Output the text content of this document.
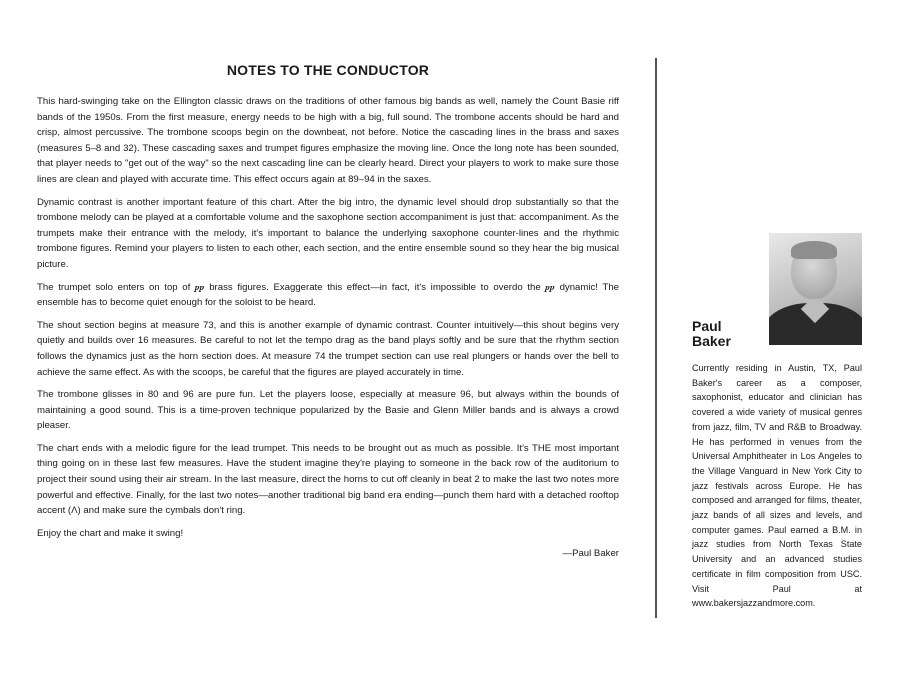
NOTES TO THE CONDUCTOR

This hard-swinging take on the Ellington classic draws on the traditions of other famous big bands as well, namely the Count Basie riff bands of the 1950s. From the first measure, energy needs to be high with a big, full sound. The trombone accents should be hard and crisp, almost percussive. The trombone scoops begin on the downbeat, not before. Notice the cascading lines in the brass and saxes (measures 5–8 and 32). These cascading saxes and trumpet figures emphasize the moving line. Once the long note has been sounded, that player needs to "get out of the way" so the next cascading line can be clearly heard. Direct your players to work to make sure those lines are clean and played with accurate time. This effect occurs again at 89–94 in the saxes.

Dynamic contrast is another important feature of this chart. After the big intro, the dynamic level should drop substantially so that the trombone melody can be played at a comfortable volume and the saxophone section accompaniment is just that: accompaniment. As the trumpets make their entrance with the melody, it's important to balance the underlying saxophone counter-lines and the rhythmic trombone figures. Remind your players to listen to each other, each section, and the entire ensemble sound so they hear the big musical picture.

The trumpet solo enters on top of 𝆏𝆏 brass figures. Exaggerate this effect—in fact, it's impossible to overdo the 𝆏𝆏 dynamic! The ensemble has to become quiet enough for the soloist to be heard.

The shout section begins at measure 73, and this is another example of dynamic contrast. Counter intuitively—this shout begins very quietly and builds over 16 measures. Be careful to not let the tempo drag as the band plays softly and be sure that the rhythm section follows the dynamics just as the horn section does. At measure 74 the trumpet section can use real plungers or hands over the bell to achieve the same effect. As with the scoops, be careful that the figures are played accurately in time.

The trombone glisses in 80 and 96 are pure fun. Let the players loose, especially at measure 96, but always within the bounds of maintaining a good sound. This is a time-proven technique popularized by the Basie and Glenn Miller bands and is always a crowd pleaser.

The chart ends with a melodic figure for the lead trumpet. This needs to be brought out as much as possible. It's THE most important thing going on in these last few measures. Have the student imagine they're playing to someone in the back row of the auditorium to project their sound using their air stream. In the last measure, direct the horns to cut off cleanly in beat 2 to make the last two notes more powerful and effective. Finally, for the last two notes—another traditional big band era ending—punch them hard with a detached rooftop accent (Λ) and make sure the cymbals don't ring.

Enjoy the chart and make it swing!

—Paul Baker
Paul
Baker
Currently residing in Austin, TX, Paul Baker's career as a composer, saxophonist, educator and clinician has covered a wide variety of musical genres from jazz, film, TV and R&B to Broadway. He has performed in venues from the Universal Amphitheater in Los Angeles to the Village Vanguard in New York City to jazz festivals across Europe. He has composed and arranged for films, theater, jazz bands of all sizes and levels, and computer games. Paul earned a B.M. in jazz studies from North Texas State University and an advanced studies certificate in film composition from USC. Visit Paul at www.bakersjazzandmore.com.
